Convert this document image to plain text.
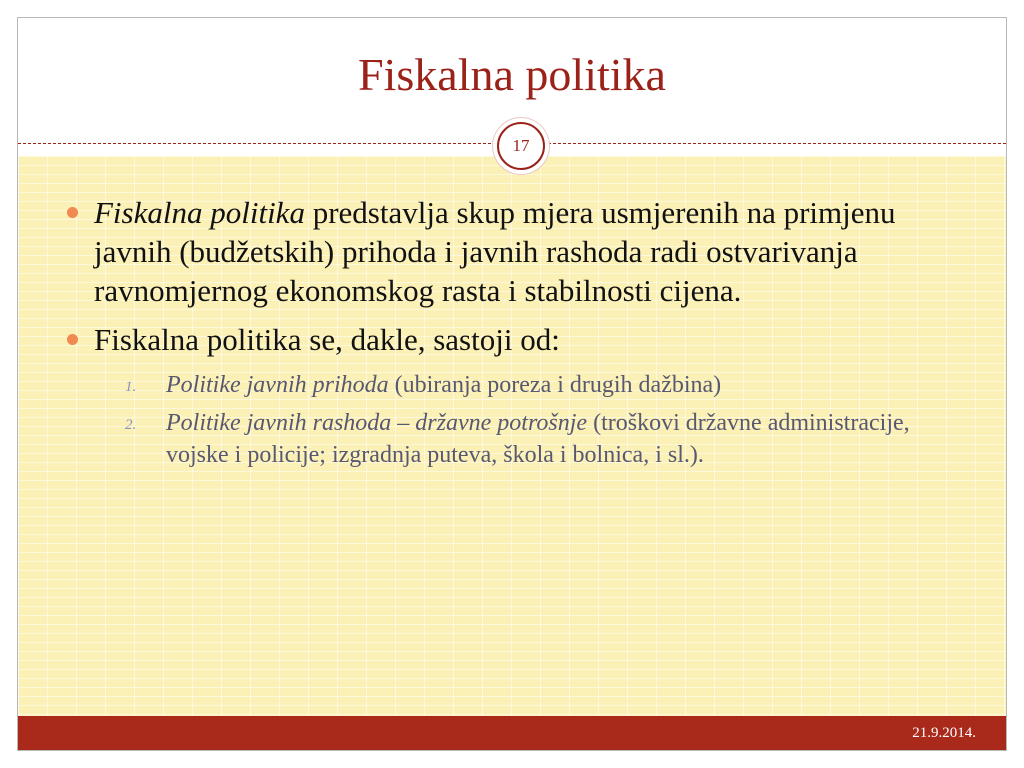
Fiskalna politika
17

Fiskalna politika predstavlja skup mjera usmjerenih na primjenu javnih (budžetskih) prihoda i javnih rashoda radi ostvarivanja ravnomjernog ekonomskog rasta i stabilnosti cijena.

Fiskalna politika se, dakle, sastoji od:

1. Politike javnih prihoda (ubiranja poreza i drugih dažbina)

2. Politike javnih rashoda – državne potrošnje (troškovi državne administracije, vojske i policije; izgradnja puteva, škola i bolnica, i sl.).

21.9.2014.
